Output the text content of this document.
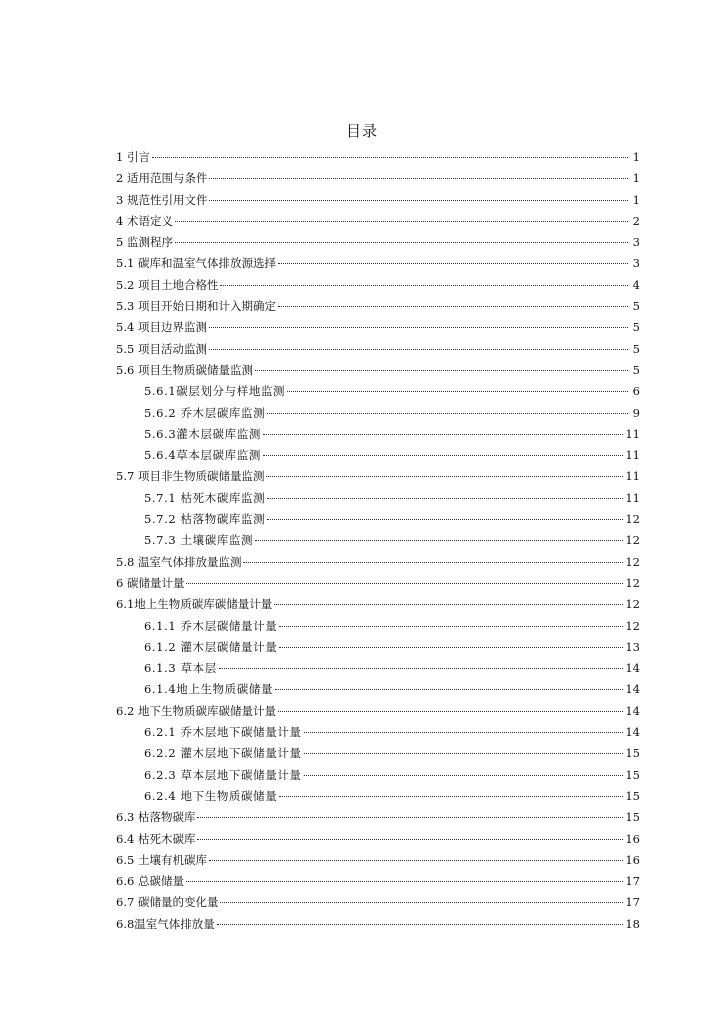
目录
1 引言	1
2 适用范围与条件	1
3 规范性引用文件	1
4 术语定义	2
5 监测程序	3
5.1 碳库和温室气体排放源选择	3
5.2 项目土地合格性	4
5.3 项目开始日期和计入期确定	5
5.4 项目边界监测	5
5.5 项目活动监测	5
5.6 项目生物质碳储量监测	5
5.6.1碳层划分与样地监测	6
5.6.2 乔木层碳库监测	9
5.6.3灌木层碳库监测	11
5.6.4草本层碳库监测	11
5.7 项目非生物质碳储量监测	11
5.7.1 枯死木碳库监测	11
5.7.2 枯落物碳库监测	12
5.7.3 土壤碳库监测	12
5.8 温室气体排放量监测	12
6 碳储量计量	12
6.1地上生物质碳库碳储量计量	12
6.1.1 乔木层碳储量计量	12
6.1.2 灌木层碳储量计量	13
6.1.3 草本层	14
6.1.4地上生物质碳储量	14
6.2 地下生物质碳库碳储量计量	14
6.2.1 乔木层地下碳储量计量	14
6.2.2 灌木层地下碳储量计量	15
6.2.3 草本层地下碳储量计量	15
6.2.4 地下生物质碳储量	15
6.3 枯落物碳库	15
6.4 枯死木碳库	16
6.5 土壤有机碳库	16
6.6 总碳储量	17
6.7 碳储量的变化量	17
6.8温室气体排放量	18
